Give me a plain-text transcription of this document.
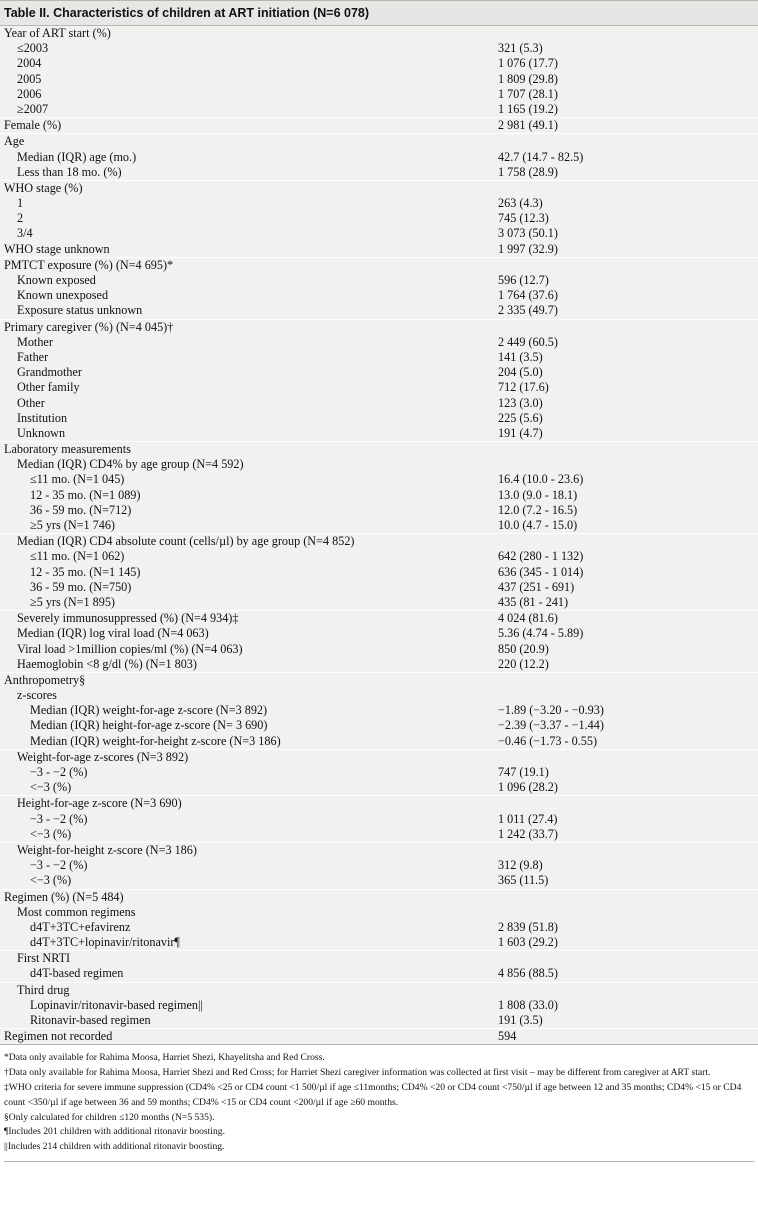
Table II. Characteristics of children at ART initiation (N=6 078)
Year of ART start (%)
≤2003	321 (5.3)
2004	1 076 (17.7)
2005	1 809 (29.8)
2006	1 707 (28.1)
≥2007	1 165 (19.2)
Female (%)	2 981 (49.1)
Age
Median (IQR) age (mo.)	42.7 (14.7 - 82.5)
Less than 18 mo. (%)	1 758 (28.9)
WHO stage (%)
1	263 (4.3)
2	745 (12.3)
3/4	3 073 (50.1)
WHO stage unknown	1 997 (32.9)
PMTCT exposure (%) (N=4 695)*
Known exposed	596 (12.7)
Known unexposed	1 764 (37.6)
Exposure status unknown	2 335 (49.7)
Primary caregiver (%) (N=4 045)†
Mother	2 449 (60.5)
Father	141 (3.5)
Grandmother	204 (5.0)
Other family	712 (17.6)
Other	123 (3.0)
Institution	225 (5.6)
Unknown	191 (4.7)
Laboratory measurements
Median (IQR) CD4% by age group (N=4 592)
≤11 mo. (N=1 045)	16.4 (10.0 - 23.6)
12 - 35 mo. (N=1 089)	13.0 (9.0 - 18.1)
36 - 59 mo. (N=712)	12.0 (7.2 - 16.5)
≥5 yrs (N=1 746)	10.0 (4.7 - 15.0)
Median (IQR) CD4 absolute count (cells/µl) by age group (N=4 852)
≤11 mo. (N=1 062)	642 (280 - 1 132)
12 - 35 mo. (N=1 145)	636 (345 - 1 014)
36 - 59 mo. (N=750)	437 (251 - 691)
≥5 yrs (N=1 895)	435 (81 - 241)
Severely immunosuppressed (%) (N=4 934)‡	4 024 (81.6)
Median (IQR) log viral load (N=4 063)	5.36 (4.74 - 5.89)
Viral load >1million copies/ml (%) (N=4 063)	850 (20.9)
Haemoglobin <8 g/dl (%) (N=1 803)	220 (12.2)
Anthropometry§
z-scores
Median (IQR) weight-for-age z-score (N=3 892)	−1.89 (−3.20 - −0.93)
Median (IQR) height-for-age z-score (N= 3 690)	−2.39 (−3.37 - −1.44)
Median (IQR) weight-for-height z-score (N=3 186)	−0.46 (−1.73 - 0.55)
Weight-for-age z-scores (N=3 892)
−3 - −2 (%)	747 (19.1)
<−3 (%)	1 096 (28.2)
Height-for-age z-score (N=3 690)
−3 - −2 (%)	1 011 (27.4)
<−3 (%)	1 242 (33.7)
Weight-for-height z-score (N=3 186)
−3 - −2 (%)	312 (9.8)
<−3 (%)	365 (11.5)
Regimen (%) (N=5 484)
Most common regimens
d4T+3TC+efavirenz	2 839 (51.8)
d4T+3TC+lopinavir/ritonavir¶	1 603 (29.2)
First NRTI
d4T-based regimen	4 856 (88.5)
Third drug
Lopinavir/ritonavir-based regimen||	1 808 (33.0)
Ritonavir-based regimen	191 (3.5)
Regimen not recorded	594

*Data only available for Rahima Moosa, Harriet Shezi, Khayelitsha and Red Cross.

†Data only available for Rahima Moosa, Harriet Shezi and Red Cross; for Harriet Shezi caregiver information was collected at first visit – may be different from caregiver at ART start.

‡WHO criteria for severe immune suppression (CD4% <25 or CD4 count <1 500/µl if age ≤11months; CD4% <20 or CD4 count <750/µl if age between 12 and 35 months; CD4% <15 or CD4 count <350/µl if age between 36 and 59 months; CD4% <15 or CD4 count <200/µl if age ≥60 months.

§Only calculated for children ≤120 months (N=5 535).

¶Includes 201 children with additional ritonavir boosting.

||Includes 214 children with additional ritonavir boosting.
